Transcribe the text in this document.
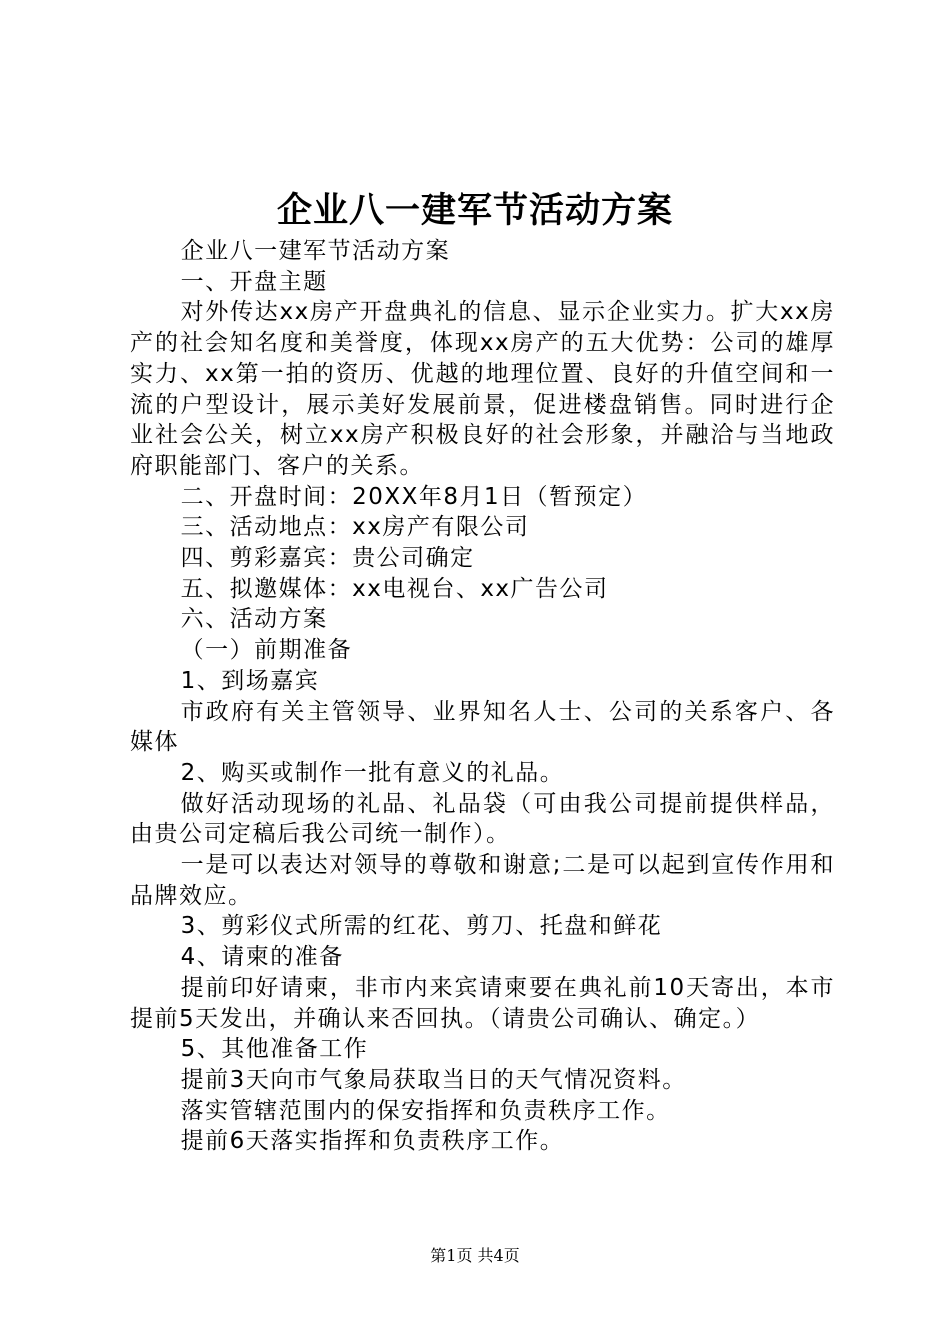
企业八一建军节活动方案

企业八一建军节活动方案

一、开盘主题

对外传达xx房产开盘典礼的信息、显示企业实力。扩大xx房产的社会知名度和美誉度，体现xx房产的五大优势：公司的雄厚实力、xx第一拍的资历、优越的地理位置、良好的升值空间和一流的户型设计，展示美好发展前景，促进楼盘销售。同时进行企业社会公关，树立xx房产积极良好的社会形象，并融洽与当地政府职能部门、客户的关系。

二、开盘时间：20XX年8月1日（暂预定）

三、活动地点：xx房产有限公司

四、剪彩嘉宾：贵公司确定

五、拟邀媒体：xx电视台、xx广告公司

六、活动方案

（一）前期准备

1、到场嘉宾

市政府有关主管领导、业界知名人士、公司的关系客户、各媒体

2、购买或制作一批有意义的礼品。

做好活动现场的礼品、礼品袋（可由我公司提前提供样品，由贵公司定稿后我公司统一制作）。

一是可以表达对领导的尊敬和谢意;二是可以起到宣传作用和品牌效应。

3、剪彩仪式所需的红花、剪刀、托盘和鲜花

4、请柬的准备

提前印好请柬，非市内来宾请柬要在典礼前10天寄出，本市提前5天发出，并确认来否回执。（请贵公司确认、确定。）

5、其他准备工作

提前3天向市气象局获取当日的天气情况资料。

落实管辖范围内的保安指挥和负责秩序工作。

提前6天落实指挥和负责秩序工作。

第1页 共4页
